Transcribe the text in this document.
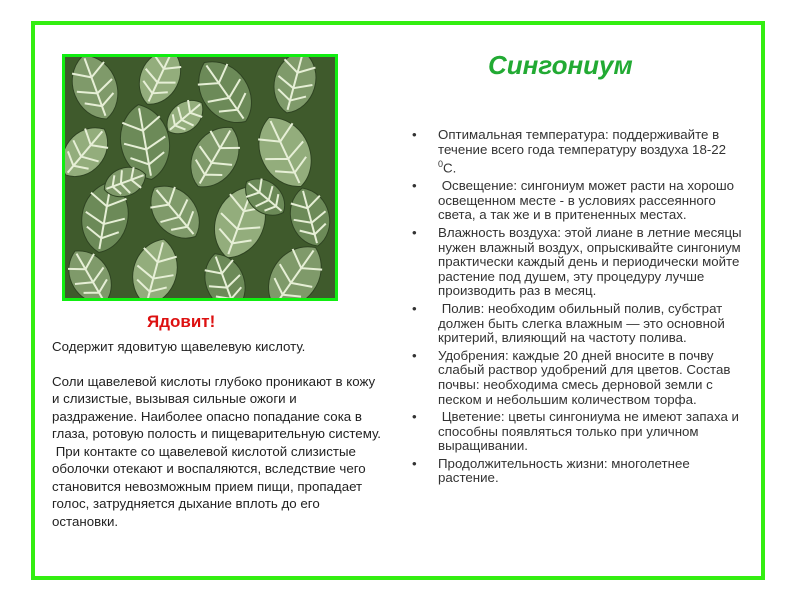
Ядовит!

Содержит ядовитую щавелевую кислоту.

Соли щавелевой кислоты глубоко проникают в кожу и слизистые, вызывая сильные ожоги и раздражение. Наиболее опасно попадание сока в глаза, ротовую полость и пищеварительную систему.

При контакте со щавелевой кислотой слизистые оболочки отекают и воспаляются, вследствие чего становится невозможным прием пищи, пропадает голос, затрудняется дыхание вплоть до его остановки.

Сингониум
• Оптимальная температура: поддерживайте в течение всего года температуру воздуха 18-22 $^0$С.
• Освещение: сингониум может расти на хорошо освещенном месте - в условиях рассеянного света, а так же и в притененных местах.
• Влажность воздуха: этой лиане в летние месяцы нужен влажный воздух, опрыскивайте сингониум практически каждый день и периодически мойте растение под душем, эту процедуру лучше производить раз в месяц.
• Полив: необходим обильный полив, субстрат должен быть слегка влажным — это основной критерий, влияющий на частоту полива.
• Удобрения: каждые 20 дней вносите в почву слабый раствор удобрений для цветов. Состав почвы: необходима смесь дерновой земли с песком и небольшим количеством торфа.
• Цветение: цветы сингониума не имеют запаха и способны появляться только при уличном выращивании.
• Продолжительность жизни: многолетнее растение.
